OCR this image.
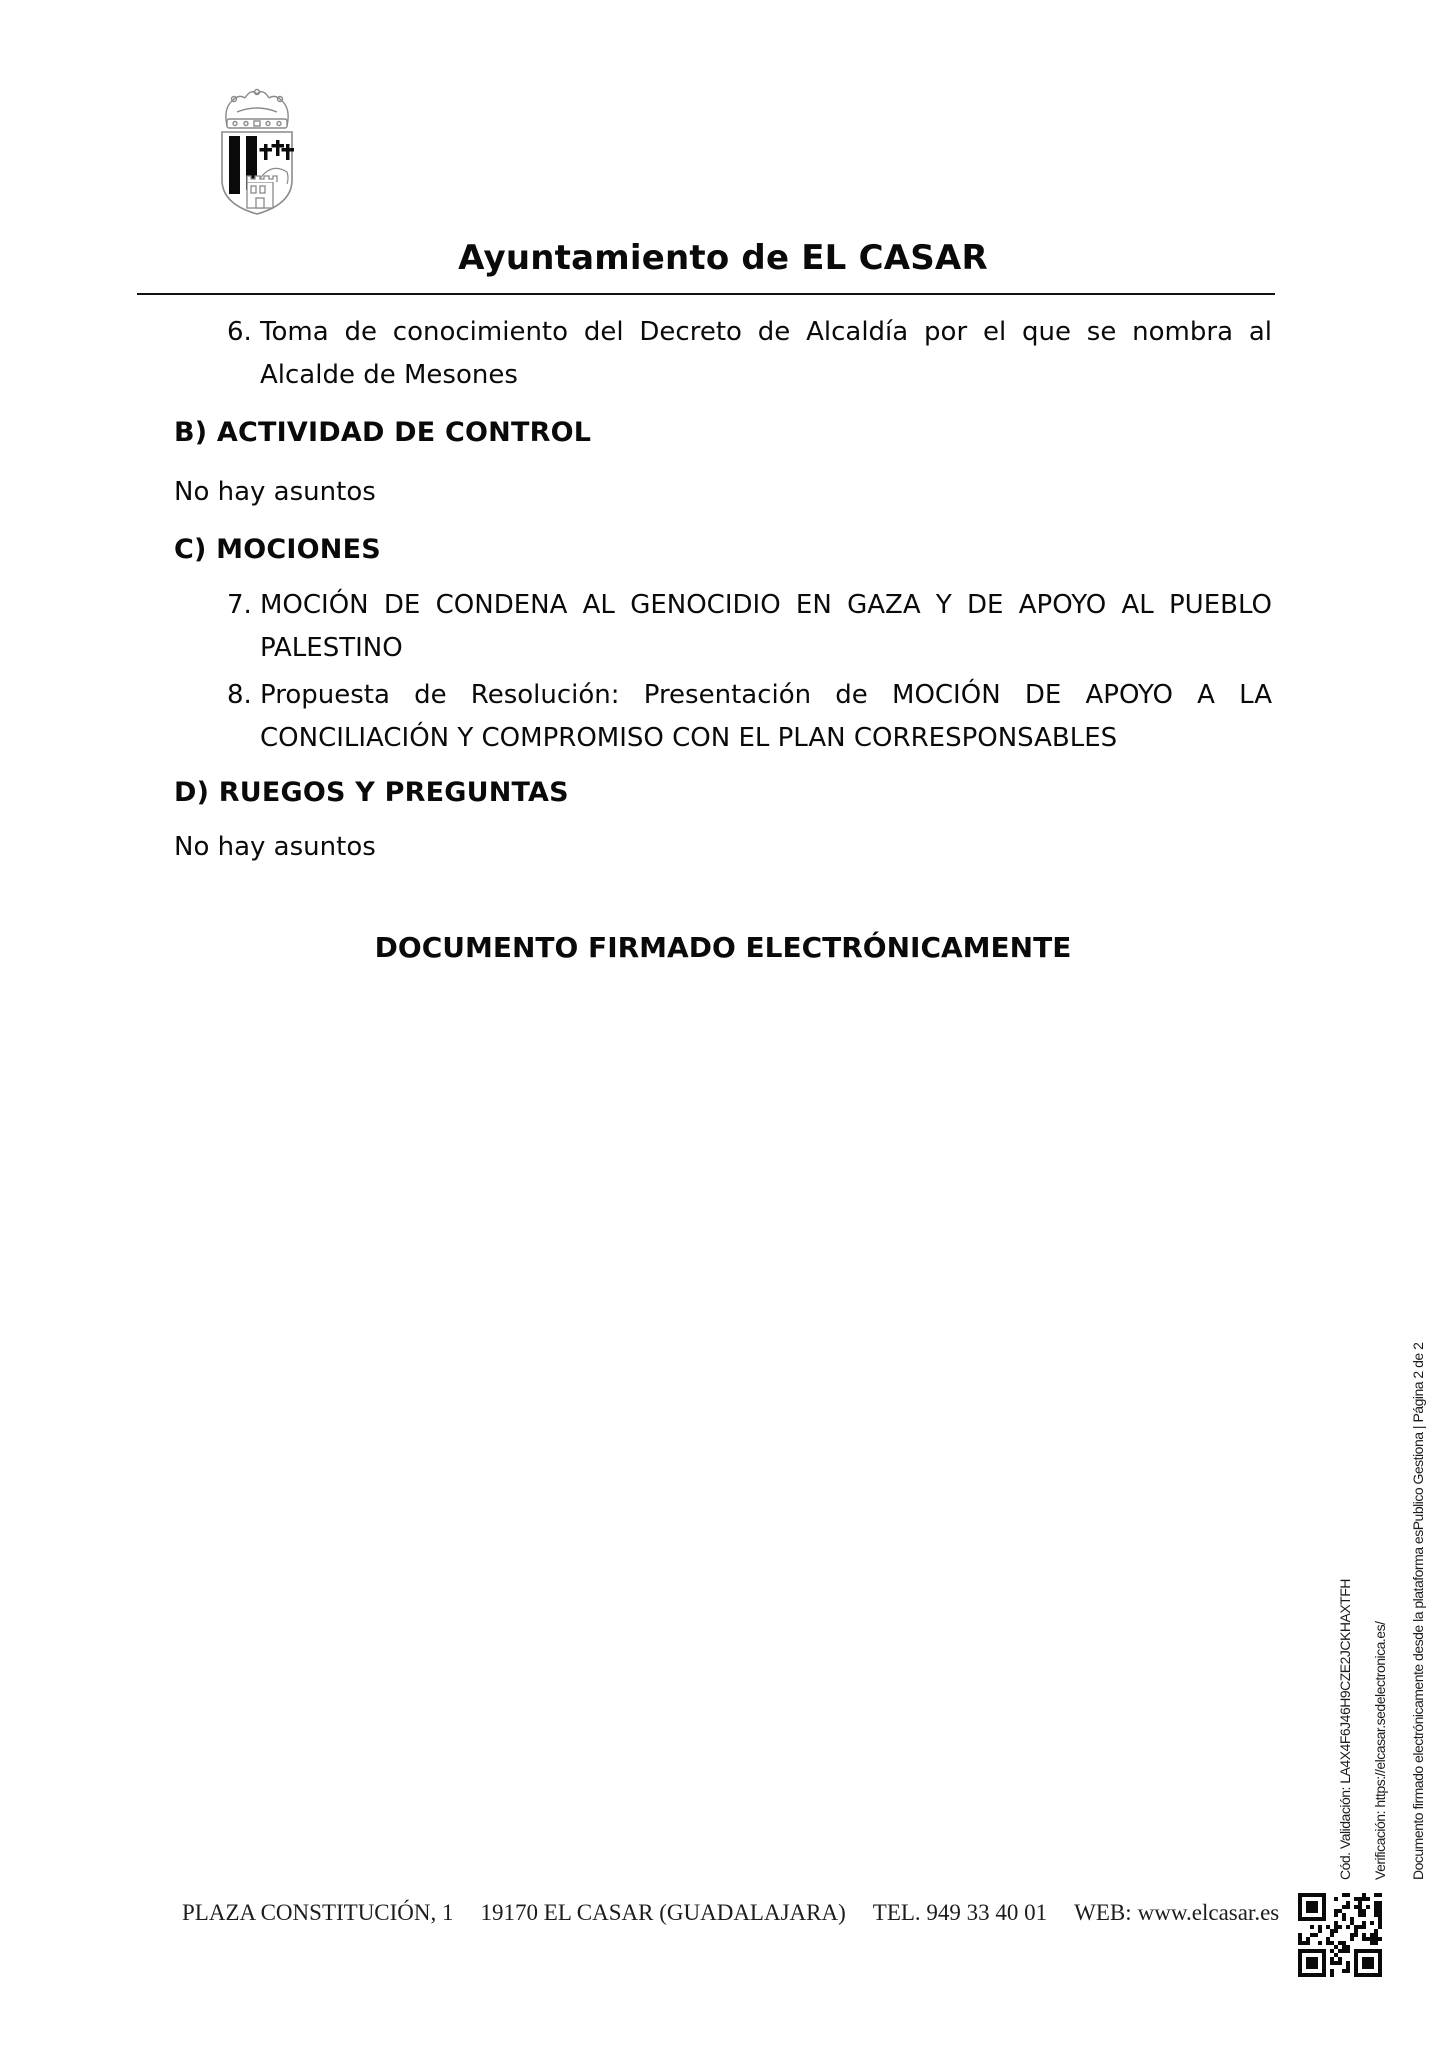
Ayuntamiento de EL CASAR
6. Toma de conocimiento del Decreto de Alcaldía por el que se nombra al
Alcalde de Mesones
B) ACTIVIDAD DE CONTROL
No hay asuntos
C) MOCIONES
7. MOCIÓN DE CONDENA AL GENOCIDIO EN GAZA Y DE APOYO AL PUEBLO
PALESTINO
8. Propuesta de Resolución: Presentación de MOCIÓN DE APOYO A LA
CONCILIACIÓN Y COMPROMISO CON EL PLAN CORRESPONSABLES
D) RUEGOS Y PREGUNTAS
No hay asuntos
DOCUMENTO FIRMADO ELECTRÓNICAMENTE
PLAZA CONSTITUCIÓN, 1 19170 EL CASAR (GUADALAJARA) TEL. 949 33 40 01 WEB: www.elcasar.es
Cód. Validación: LA4X4F6J46H9CZE2JCKHAXTFH Verificación: https://elcasar.sedelectronica.es/ Documento firmado electrónicamente desde la plataforma esPublico Gestiona | Página 2 de 2
